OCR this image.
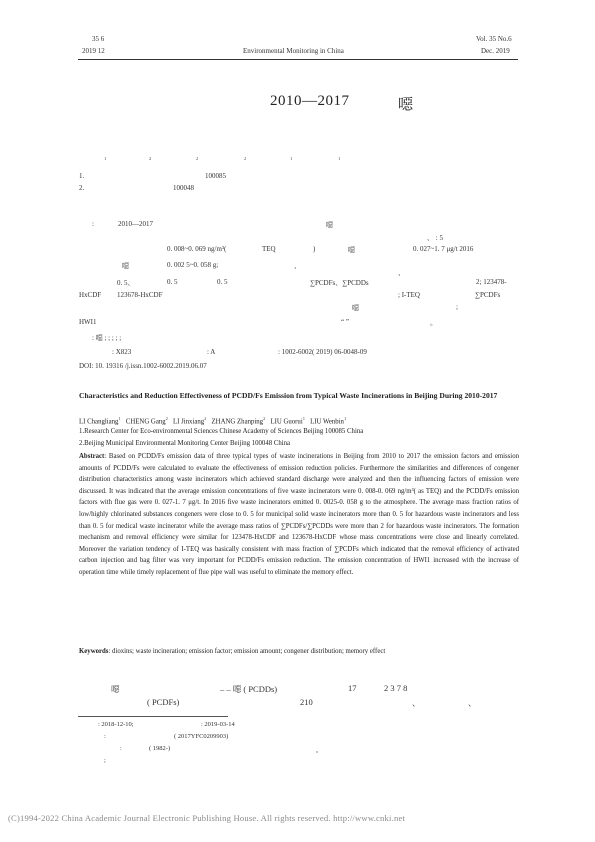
35 6
2019 12	Environmental Monitoring in China
Vol. 35 No.6
Dec. 2019
2010—2017	噁
1	2	2	2	1	1
1.	100085
2.	100048
:	2010—2017	噁
、 : 5
0. 008~0. 069 ng/m³(	TEQ	)	噁	0. 027~1. 7 μg/t 2016
噁	0. 002 5~0. 058 g;	、
、
0. 5、	0. 5	0. 5	∑PCDFs、∑PCDDs	2; 123478-
HxCDF 123678-HxCDF	; I-TEQ	∑PCDFs
噁	;
HWI1	“ ”	。
: 噁 ; ; ; ; ;
: X823	: A	: 1002-6002( 2019) 06-0048-09
DOI: 10. 19316 /j.issn.1002-6002.2019.06.07
Characteristics and Reduction Effectiveness of PCDD/Fs Emission from Typical Waste Incinerations in Beijing During 2010-2017
LI Changliang$^1$ CHENG Gang$^2$ LI Jinxiang$^2$ ZHANG Zhanping$^2$ LIU Guorui$^1$ LIU Wenbin$^1$
1.Research Center for Eco-environmental Sciences Chinese Academy of Sciences Beijing 100085 China
2.Beijing Municipal Environmental Monitoring Center Beijing 100048 China
Abstract: Based on PCDD/Fs emission data of three typical types of waste incinerations in Beijing from 2010 to 2017 the emission factors and emission amounts of PCDD/Fs were calculated to evaluate the effectiveness of emission reduction policies. Furthermore the similarities and differences of congener distribution characteristics among waste incinerators which achieved standard discharge were analyzed and then the influencing factors of emission were discussed. It was indicated that the average emission concentrations of five waste incinerators were 0. 008-0. 069 ng/m³( as TEQ) and the PCDD/Fs emission factors with flue gas were 0. 027-1. 7 μg/t. In 2016 five waste incinerators emitted 0. 0025-0. 058 g to the atmosphere. The average mass fraction ratios of low/highly chlorinated substances congeners were close to 0. 5 for municipal solid waste incinerators more than 0. 5 for hazardous waste incinerators and less than 0. 5 for medical waste incinerator while the average mass ratios of ∑PCDFs/∑PCDDs were more than 2 for hazardous waste incinerators. The formation mechanism and removal efficiency were similar for 123478-HxCDF and 123678-HxCDF whose mass concentrations were close and linearly correlated. Moreover the variation tendency of I-TEQ was basically consistent with mass fraction of ∑PCDFs which indicated that the removal efficiency of activated carbon injection and bag filter was very important for PCDD/Fs emission reduction. The emission concentration of HWI1 increased with the increase of operation time while timely replacement of flue pipe wall was useful to eliminate the memory effect.
Keywords: dioxins; waste incineration; emission factor; emission amount; congener distribution; memory effect
噁	– – 噁 ( PCDDs)	17	2 3 7 8
( PCDFs)	210	、	、
: 2018-12-10;	: 2019-03-14
:	( 2017YFC0209903)
:	( 1982-)	。
;
(C)1994-2022 China Academic Journal Electronic Publishing House. All rights reserved. http://www.cnki.net
